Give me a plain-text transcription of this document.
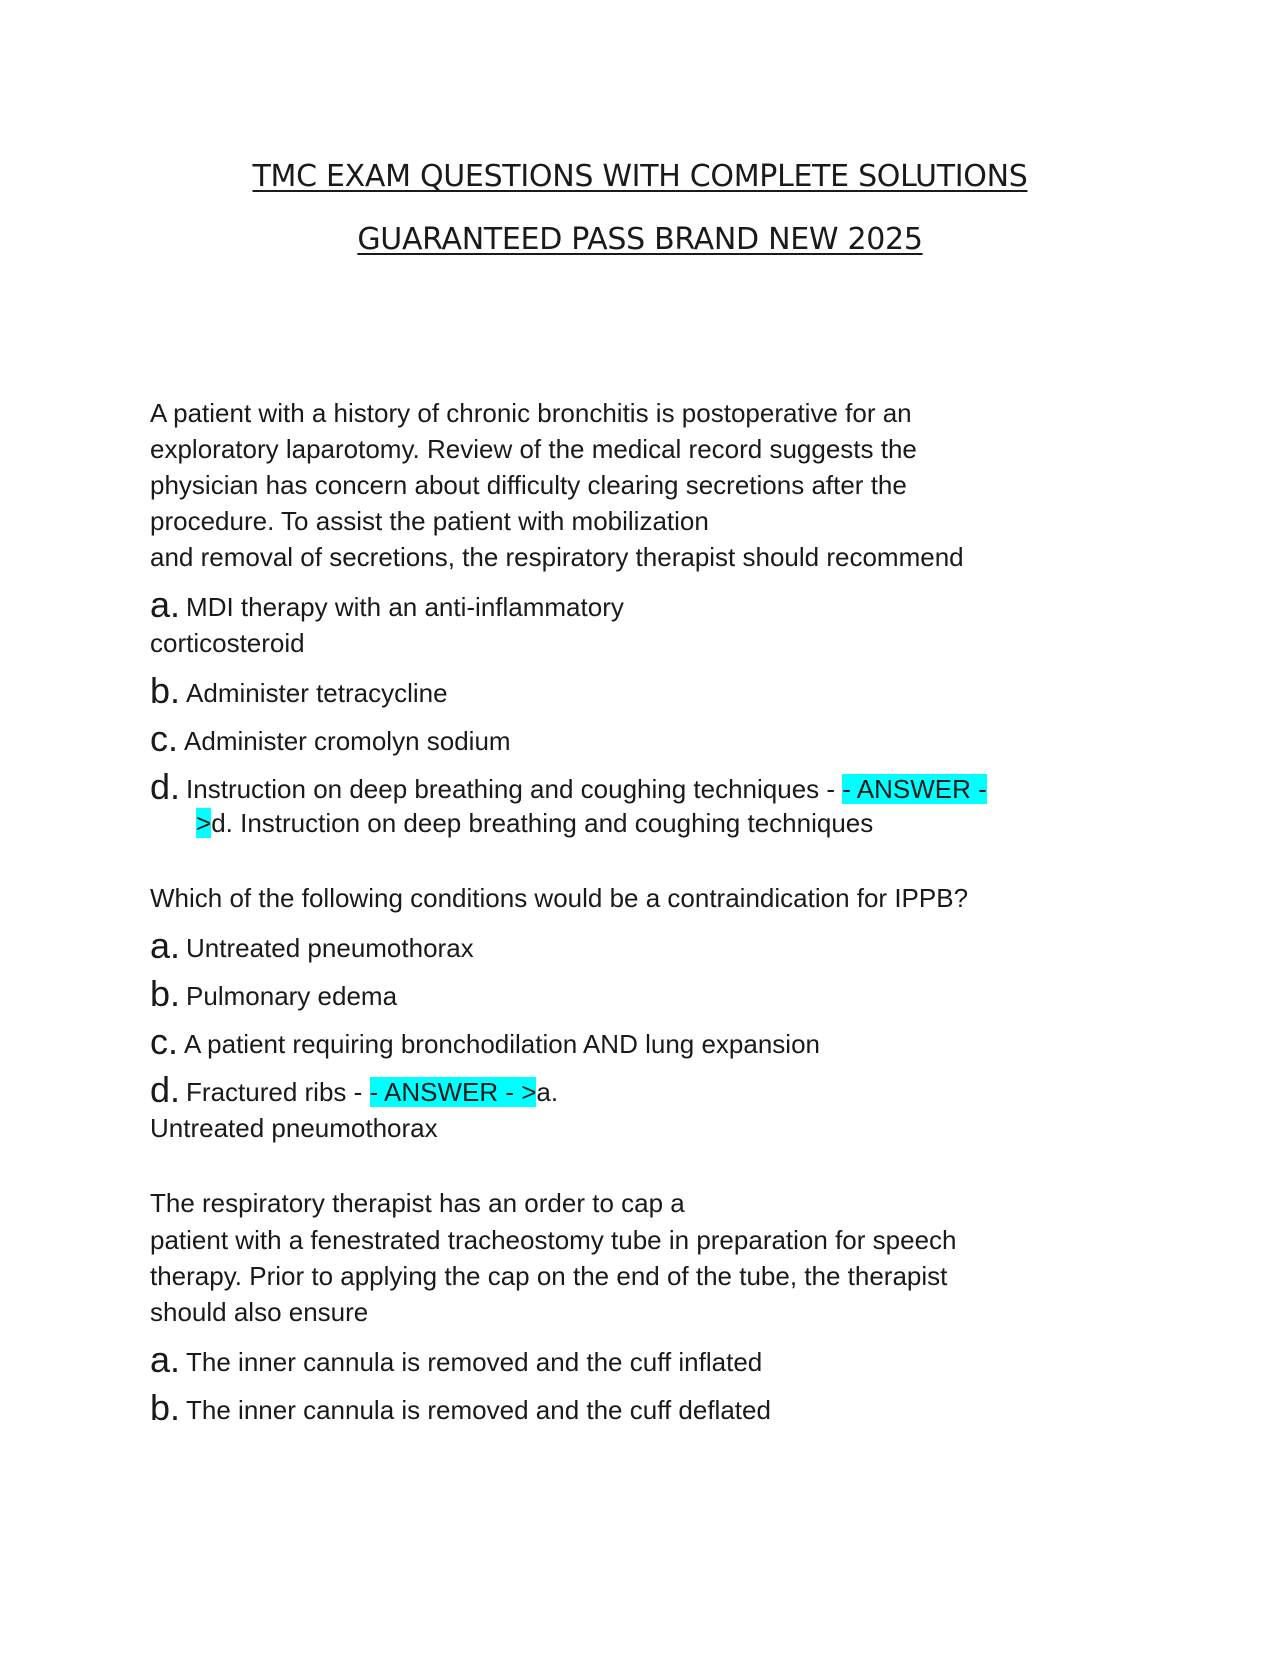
TMC EXAM QUESTIONS WITH COMPLETE SOLUTIONS
GUARANTEED PASS BRAND NEW 2025
A patient with a history of chronic bronchitis is postoperative for an
exploratory laparotomy. Review of the medical record suggests the
physician has concern about difficulty clearing secretions after the
procedure. To assist the patient with mobilization
and removal of secretions, the respiratory therapist should recommend
a. MDI therapy with an anti-inflammatory
corticosteroid
b. Administer tetracycline
c. Administer cromolyn sodium
d. Instruction on deep breathing and coughing techniques - - ANSWER -
>d. Instruction on deep breathing and coughing techniques
Which of the following conditions would be a contraindication for IPPB?
a. Untreated pneumothorax
b. Pulmonary edema
c. A patient requiring bronchodilation AND lung expansion
d. Fractured ribs - - ANSWER - >a.
Untreated pneumothorax
The respiratory therapist has an order to cap a
patient with a fenestrated tracheostomy tube in preparation for speech
therapy. Prior to applying the cap on the end of the tube, the therapist
should also ensure
a. The inner cannula is removed and the cuff inflated
b. The inner cannula is removed and the cuff deflated
